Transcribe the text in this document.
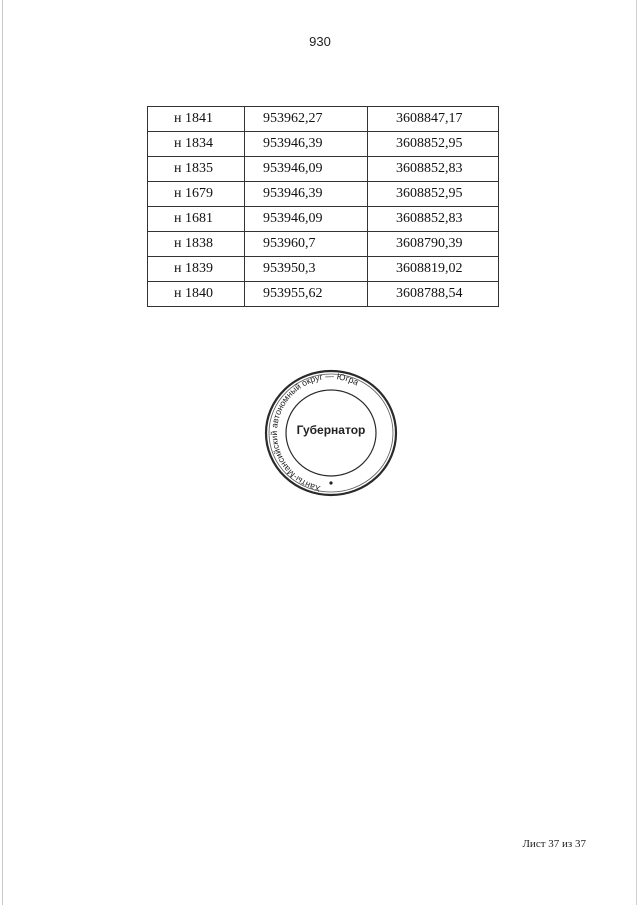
930
н 1841	953962,27	3608847,17
н 1834	953946,39	3608852,95
н 1835	953946,09	3608852,83
н 1679	953946,39	3608852,95
н 1681	953946,09	3608852,83
н 1838	953960,7	3608790,39
н 1839	953950,3	3608819,02
н 1840	953955,62	3608788,54
Ханты-Мансийский автономный округ — Югра
Губернатор
Лист 37 из 37
